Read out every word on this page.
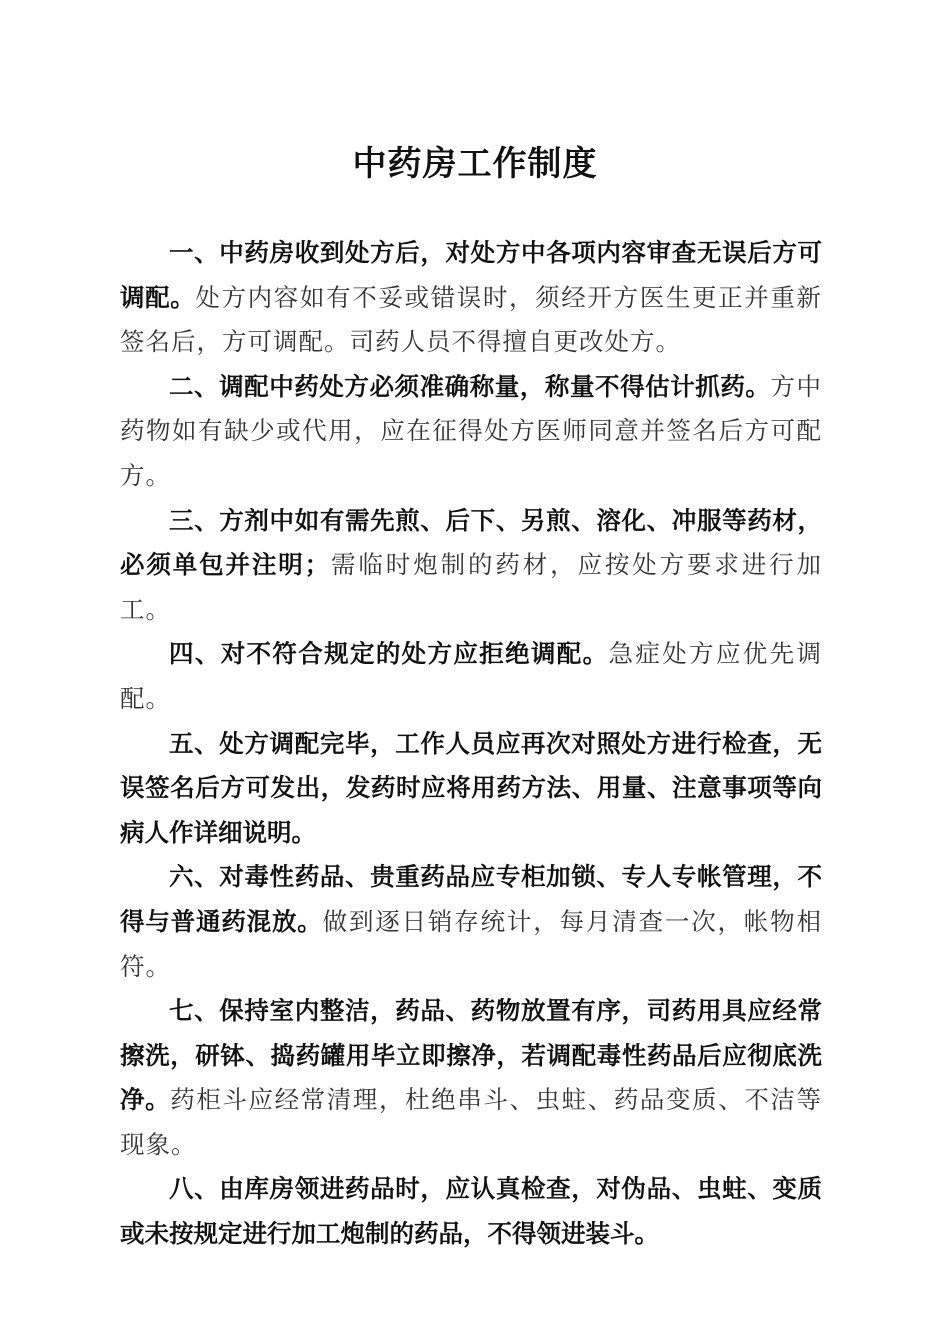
中药房工作制度

一、中药房收到处方后，对处方中各项内容审查无误后方可调配。处方内容如有不妥或错误时，须经开方医生更正并重新签名后，方可调配。司药人员不得擅自更改处方。

二、调配中药处方必须准确称量，称量不得估计抓药。方中药物如有缺少或代用，应在征得处方医师同意并签名后方可配方。

三、方剂中如有需先煎、后下、另煎、溶化、冲服等药材，必须单包并注明；需临时炮制的药材，应按处方要求进行加工。

四、对不符合规定的处方应拒绝调配。急症处方应优先调配。

五、处方调配完毕，工作人员应再次对照处方进行检查，无误签名后方可发出，发药时应将用药方法、用量、注意事项等向病人作详细说明。

六、对毒性药品、贵重药品应专柜加锁、专人专帐管理，不得与普通药混放。做到逐日销存统计，每月清查一次，帐物相符。

七、保持室内整洁，药品、药物放置有序，司药用具应经常擦洗，研钵、捣药罐用毕立即擦净，若调配毒性药品后应彻底洗净。药柜斗应经常清理，杜绝串斗、虫蛀、药品变质、不洁等现象。

八、由库房领进药品时，应认真检查，对伪品、虫蛀、变质或未按规定进行加工炮制的药品，不得领进装斗。
